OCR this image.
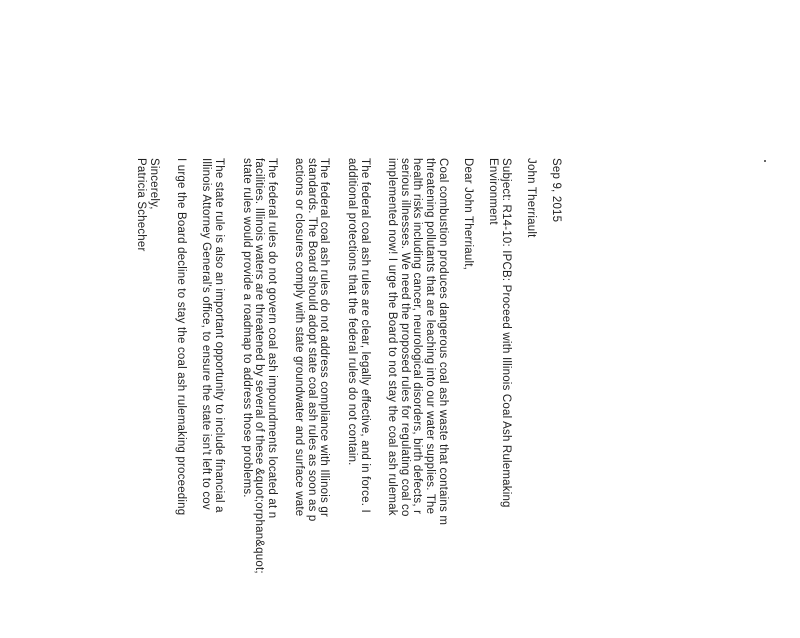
Sep 9, 2015
John Therriault
Subject: R14-10: IPCB: Proceed with Illinois Coal Ash Rulemaking
Environment
Dear John Therriault,
Coal combustion produces dangerous coal ash waste that contains m
threatening pollutants that are leaching into our water supplies. The
health risks including cancer, neurological disorders, birth defects, r
serious illnesses. We need the proposed rules for regulating coal co
implemented now! I urge the Board to not stay the coal ash rulemak
The federal coal ash rules are clear, legally effective, and in force. I
additional protections that the federal rules do not contain.
The federal coal ash rules do not address compliance with Illinois gr
standards. The Board should adopt state coal ash rules as soon as p
actions or closures comply with state groundwater and surface wate
The federal rules do not govern coal ash impoundments located at n
facilities. Illinois waters are threatened by several of these &quot;orphan&quot;
state rules would provide a roadmap to address those problems.
The state rule is also an important opportunity to include financial a
Illinois Attorney General's office, to ensure the state isn't left to cov
I urge the Board decline to stay the coal ash rulemaking proceeding
Sincerely,
Patricia Schecher
